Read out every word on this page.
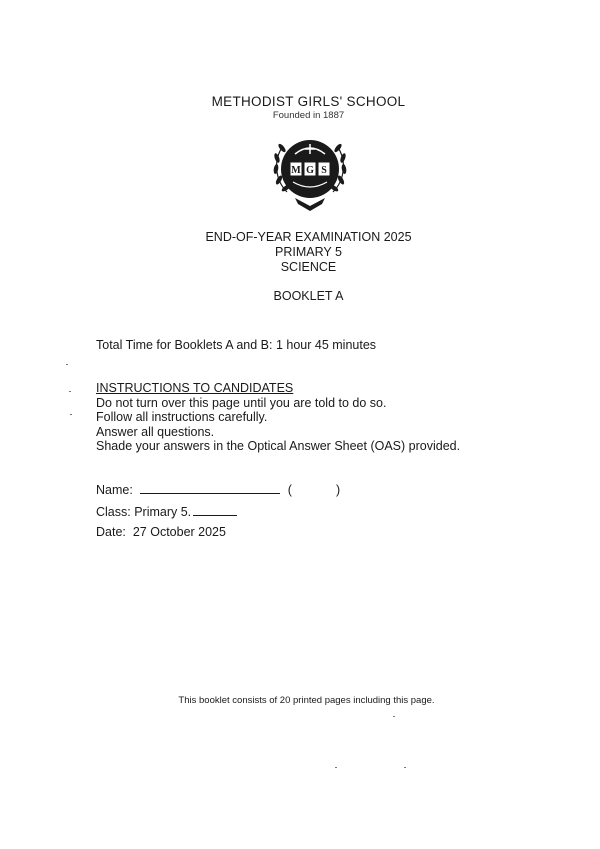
METHODIST GIRLS' SCHOOL
Founded in 1887
M G S
END-OF-YEAR EXAMINATION 2025
PRIMARY 5
SCIENCE
BOOKLET A
Total Time for Booklets A and B: 1 hour 45 minutes
INSTRUCTIONS TO CANDIDATES
Do not turn over this page until you are told to do so.
Follow all instructions carefully.
Answer all questions.
Shade your answers in the Optical Answer Sheet (OAS) provided.
Name:	(	)
Class: Primary 5.
Date: 27 October 2025
This booklet consists of 20 printed pages including this page.
